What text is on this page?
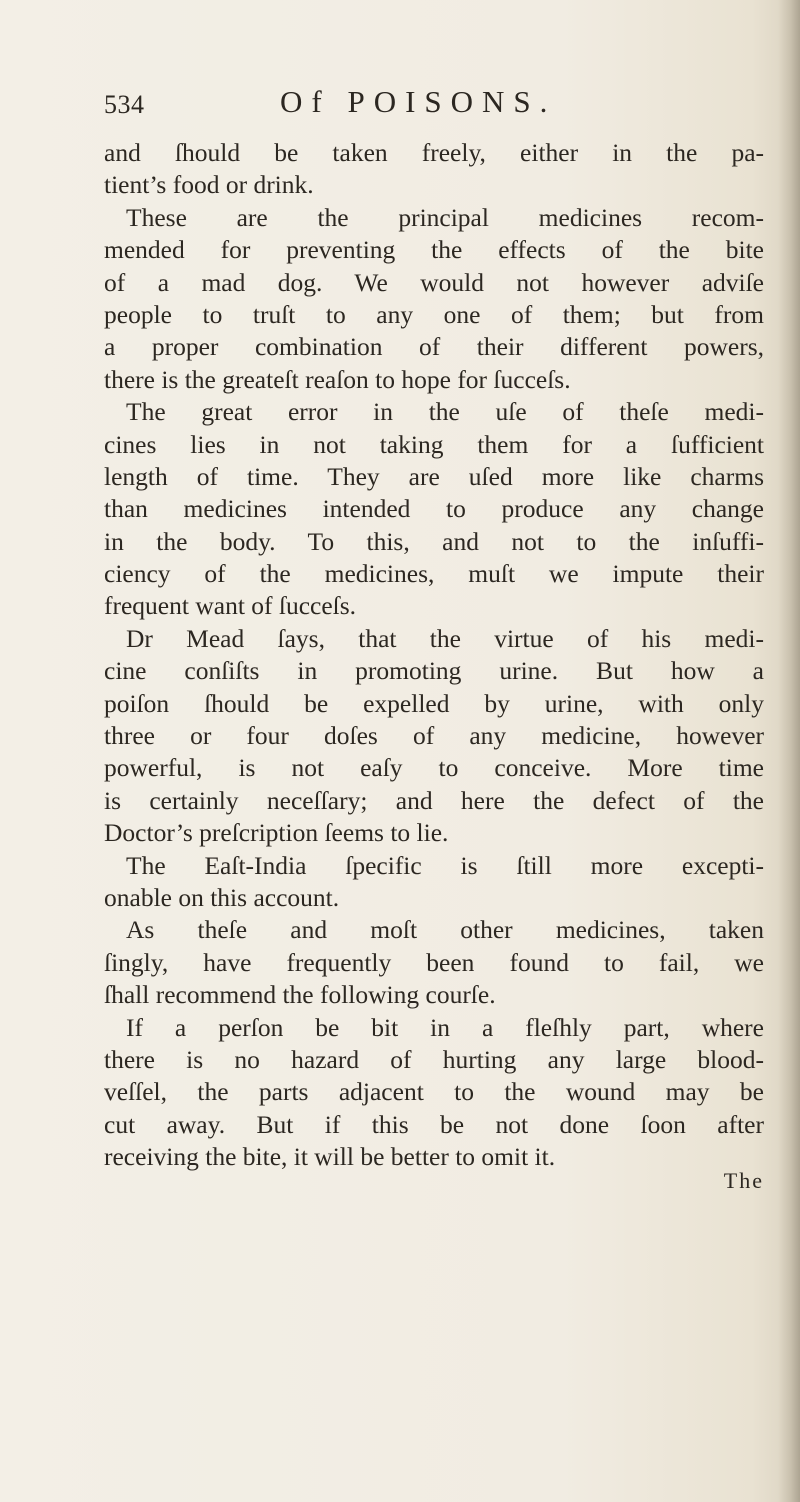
534	Of POISONS.
and ſhould be taken freely, either in the pa-
tient’s food or drink.
These are the principal medicines recom-
mended for preventing the effects of the bite
of a mad dog. We would not however adviſe
people to truſt to any one of them; but from
a proper combination of their different powers,
there is the greateſt reaſon to hope for ſucceſs.
The great error in the uſe of theſe medi-
cines lies in not taking them for a ſufficient
length of time. They are uſed more like charms
than medicines intended to produce any change
in the body. To this, and not to the inſuffi-
ciency of the medicines, muſt we impute their
frequent want of ſucceſs.
Dr Mead ſays, that the virtue of his medi-
cine conſiſts in promoting urine. But how a
poiſon ſhould be expelled by urine, with only
three or four doſes of any medicine, however
powerful, is not eaſy to conceive. More time
is certainly neceſſary; and here the defect of the
Doctor’s preſcription ſeems to lie.
The Eaſt-India ſpecific is ſtill more excepti-
onable on this account.
As theſe and moſt other medicines, taken
ſingly, have frequently been found to fail, we
ſhall recommend the following courſe.
If a perſon be bit in a fleſhly part, where
there is no hazard of hurting any large blood-
veſſel, the parts adjacent to the wound may be
cut away. But if this be not done ſoon after
receiving the bite, it will be better to omit it.
The
